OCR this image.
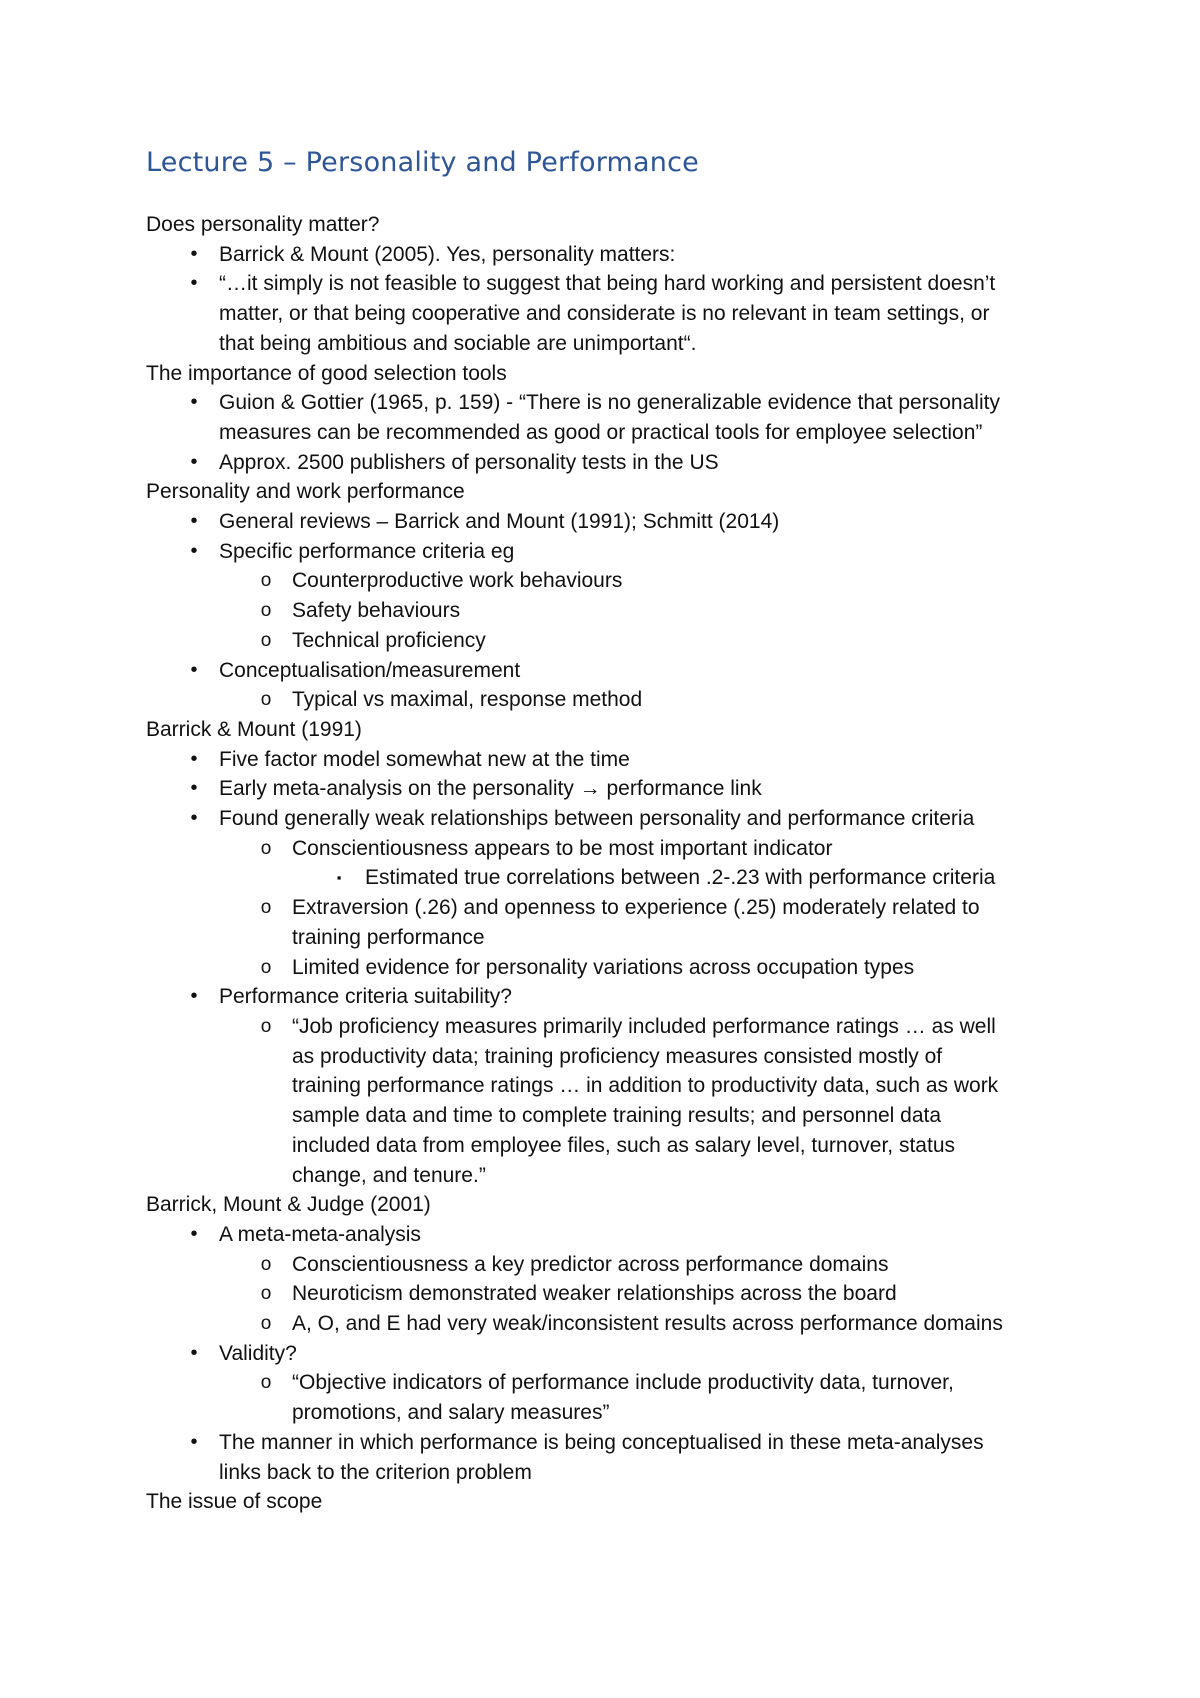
Lecture 5 – Personality and Performance
Does personality matter?
•	Barrick & Mount (2005). Yes, personality matters:
•	“…it simply is not feasible to suggest that being hard working and persistent doesn’t
matter, or that being cooperative and considerate is no relevant in team settings, or
that being ambitious and sociable are unimportant“.
The importance of good selection tools
•	Guion & Gottier (1965, p. 159) - “There is no generalizable evidence that personality
measures can be recommended as good or practical tools for employee selection”
•	Approx. 2500 publishers of personality tests in the US
Personality and work performance
•	General reviews – Barrick and Mount (1991); Schmitt (2014)
•	Specific performance criteria eg
o Counterproductive work behaviours
o Safety behaviours
o Technical proficiency
•	Conceptualisation/measurement
o Typical vs maximal, response method
Barrick & Mount (1991)
•	Five factor model somewhat new at the time
•	Early meta-analysis on the personality → performance link
•	Found generally weak relationships between personality and performance criteria
o Conscientiousness appears to be most important indicator
▪	Estimated true correlations between .2-.23 with performance criteria
o Extraversion (.26) and openness to experience (.25) moderately related to
training performance
o Limited evidence for personality variations across occupation types
•	Performance criteria suitability?
o “Job proficiency measures primarily included performance ratings … as well
as productivity data; training proficiency measures consisted mostly of
training performance ratings … in addition to productivity data, such as work
sample data and time to complete training results; and personnel data
included data from employee files, such as salary level, turnover, status
change, and tenure.”
Barrick, Mount & Judge (2001)
•	A meta-meta-analysis
o Conscientiousness a key predictor across performance domains
o Neuroticism demonstrated weaker relationships across the board
o A, O, and E had very weak/inconsistent results across performance domains
•	Validity?
o “Objective indicators of performance include productivity data, turnover,
promotions, and salary measures”
•	The manner in which performance is being conceptualised in these meta-analyses
links back to the criterion problem
The issue of scope
